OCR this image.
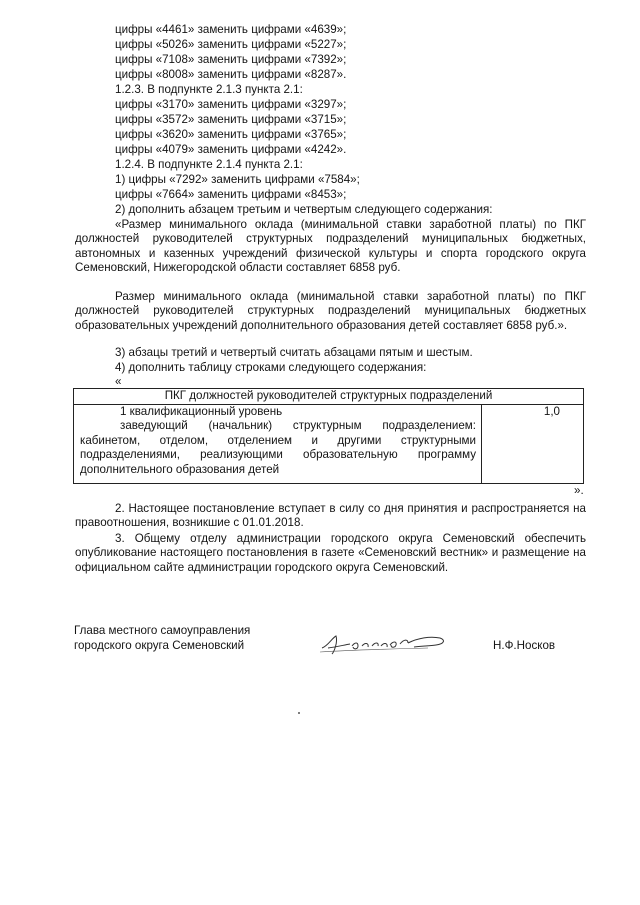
цифры «4461» заменить цифрами «4639»;
цифры «5026» заменить цифрами «5227»;
цифры «7108» заменить цифрами «7392»;
цифры «8008» заменить цифрами «8287».
1.2.3. В подпункте 2.1.3 пункта 2.1:
цифры «3170» заменить цифрами «3297»;
цифры «3572» заменить цифрами «3715»;
цифры «3620» заменить цифрами «3765»;
цифры «4079» заменить цифрами «4242».
1.2.4. В подпункте 2.1.4 пункта 2.1:
1) цифры «7292» заменить цифрами «7584»;
цифры «7664» заменить цифрами «8453»;
2) дополнить абзацем третьим и четвертым следующего содержания:
«Размер минимального оклада (минимальной ставки заработной платы) по ПКГ должностей руководителей структурных подразделений муниципальных бюджетных, автономных и казенных учреждений физической культуры и спорта городского округа Семеновский, Нижегородской области составляет 6858 руб.
Размер минимального оклада (минимальной ставки заработной платы) по ПКГ должностей руководителей структурных подразделений муниципальных бюджетных образовательных учреждений дополнительного образования детей составляет 6858 руб.».
3) абзацы третий и четвертый считать абзацами пятым и шестым.
4) дополнить таблицу строками следующего содержания:
«
ПКГ должностей руководителей структурных подразделений
1 квалификационный уровень
заведующий (начальник) структурным подразделением: кабинетом, отделом, отделением и другими структурными подразделениями, реализующими образовательную программу дополнительного образования детей
1,0
».
2. Настоящее постановление вступает в силу со дня принятия и распространяется на правоотношения, возникшие с 01.01.2018.
3. Общему отделу администрации городского округа Семеновский обеспечить опубликование настоящего постановления в газете «Семеновский вестник» и размещение на официальном сайте администрации городского округа Семеновский.
Глава местного самоуправления
городского округа Семеновский	Н.Ф.Носков
